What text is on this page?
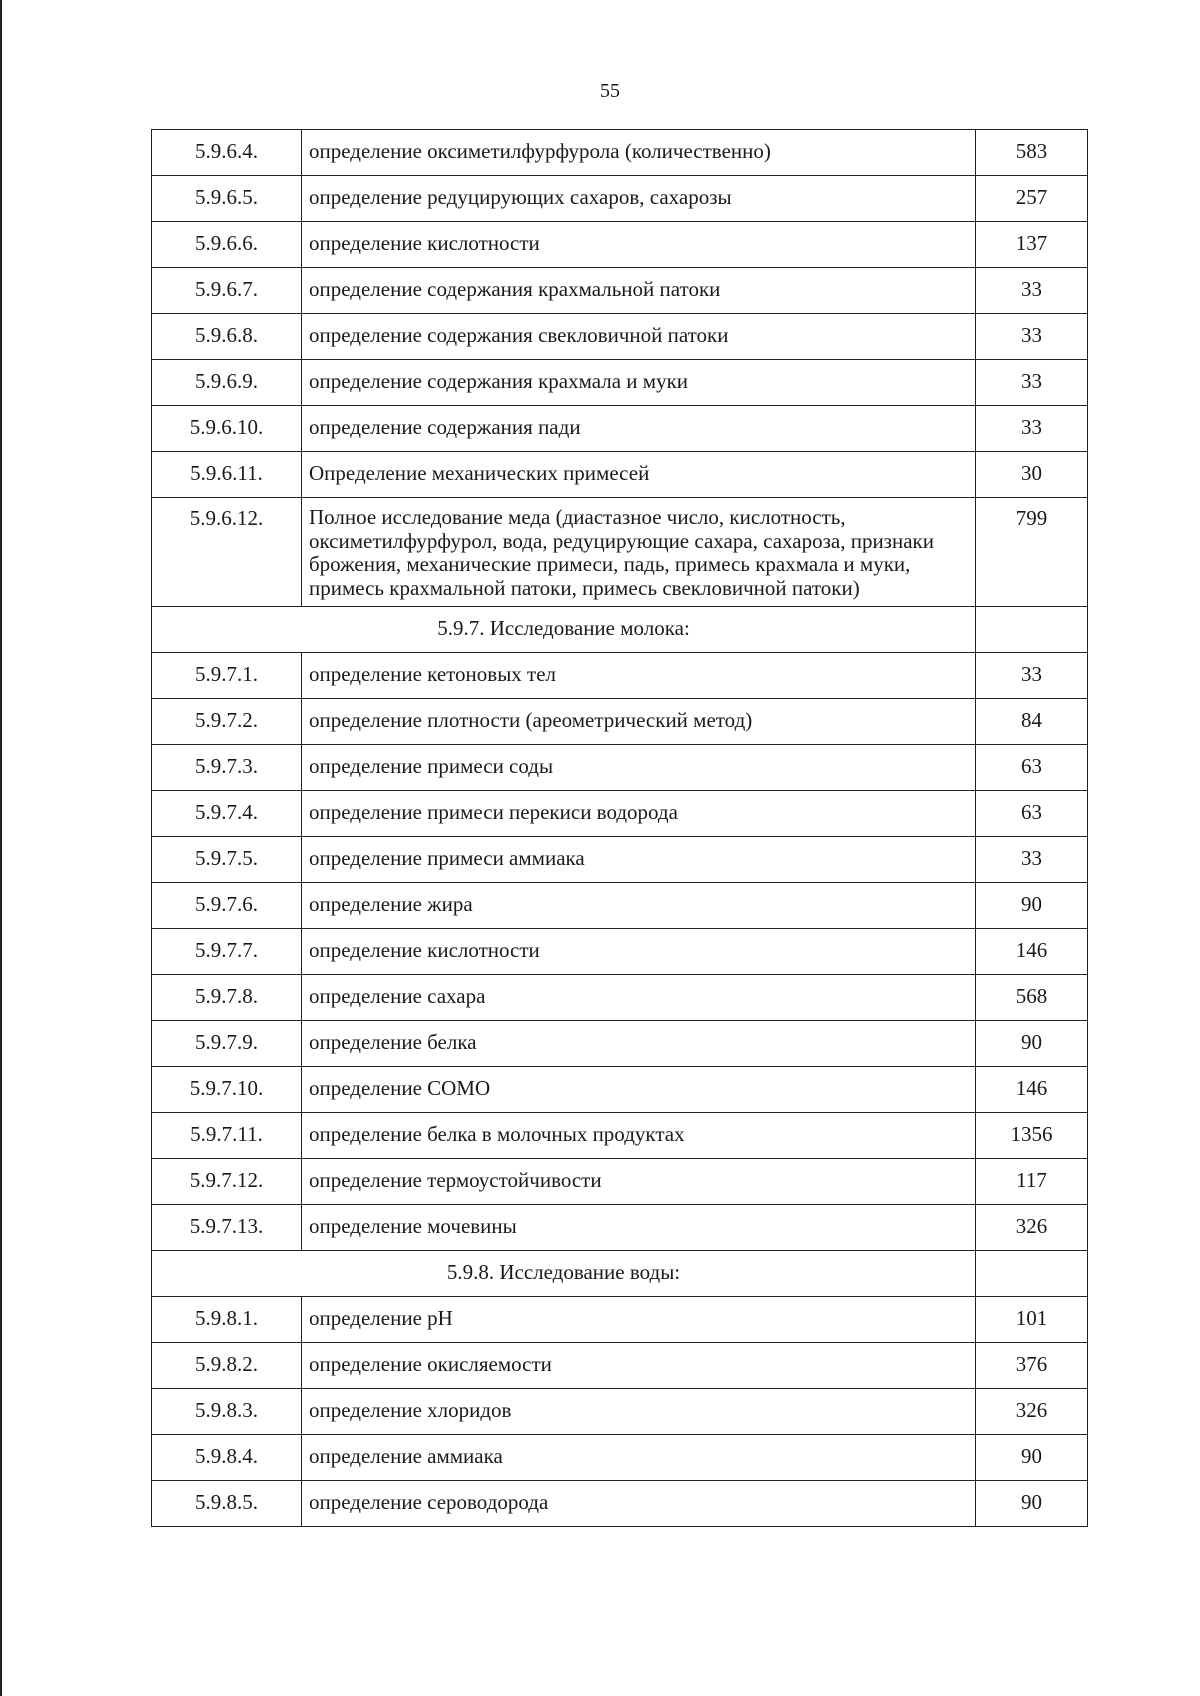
55
5.9.6.4.	определение оксиметилфурфурола (количественно)	583
5.9.6.5.	определение редуцирующих сахаров, сахарозы	257
5.9.6.6.	определение кислотности	137
5.9.6.7.	определение содержания крахмальной патоки	33
5.9.6.8.	определение содержания свекловичной патоки	33
5.9.6.9.	определение содержания крахмала и муки	33
5.9.6.10.	определение содержания пади	33
5.9.6.11.	Определение механических примесей	30
5.9.6.12.	Полное исследование меда (диастазное число, кислотность, оксиметилфурфурол, вода, редуцирующие сахара, сахароза, признаки брожения, механические примеси, падь, примесь крахмала и муки, примесь крахмальной патоки, примесь свекловичной патоки)	799
5.9.7. Исследование молока:		
5.9.7.1.	определение кетоновых тел	33
5.9.7.2.	определение плотности (ареометрический метод)	84
5.9.7.3.	определение примеси соды	63
5.9.7.4.	определение примеси перекиси водорода	63
5.9.7.5.	определение примеси аммиака	33
5.9.7.6.	определение жира	90
5.9.7.7.	определение кислотности	146
5.9.7.8.	определение сахара	568
5.9.7.9.	определение белка	90
5.9.7.10.	определение СОМО	146
5.9.7.11.	определение белка в молочных продуктах	1356
5.9.7.12.	определение термоустойчивости	117
5.9.7.13.	определение мочевины	326
5.9.8. Исследование воды:		
5.9.8.1.	определение pH	101
5.9.8.2.	определение окисляемости	376
5.9.8.3.	определение хлоридов	326
5.9.8.4.	определение аммиака	90
5.9.8.5.	определение сероводорода	90
